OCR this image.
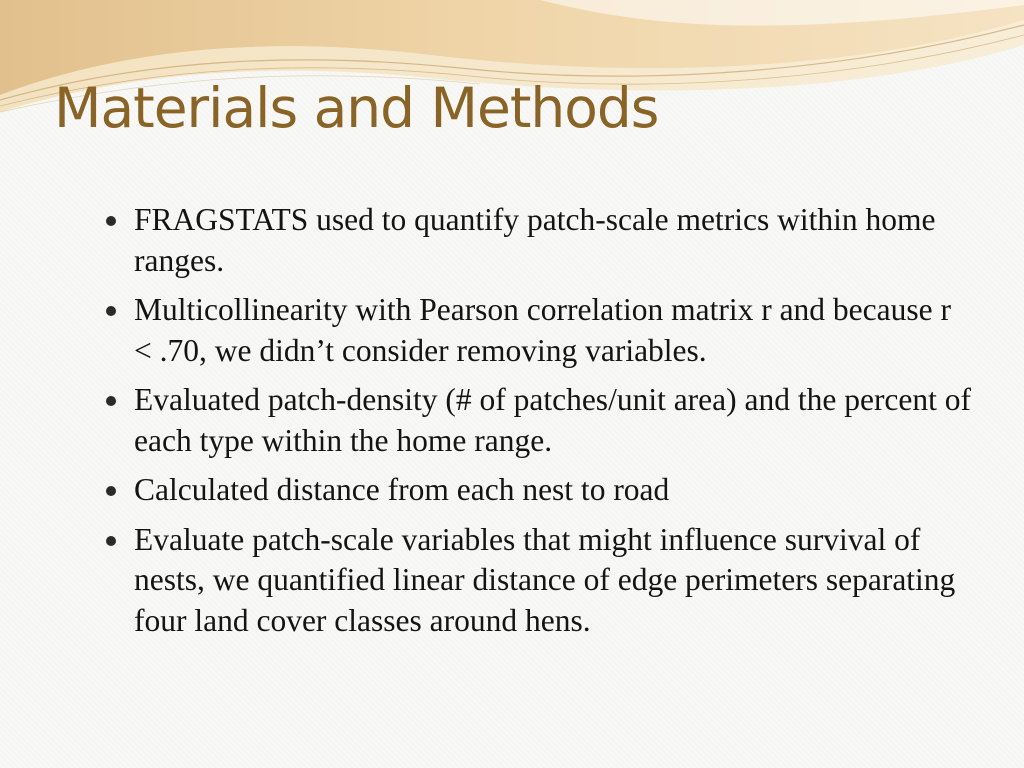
Materials and Methods
FRAGSTATS used to quantify patch-scale metrics within home ranges.
Multicollinearity with Pearson correlation matrix r and because r < .70, we didn’t consider removing variables.
Evaluated patch-density (# of patches/unit area) and the percent of each type within the home range.
Calculated distance from each nest to road
Evaluate patch-scale variables that might influence survival of nests, we quantified linear distance of edge perimeters separating four land cover classes around hens.
